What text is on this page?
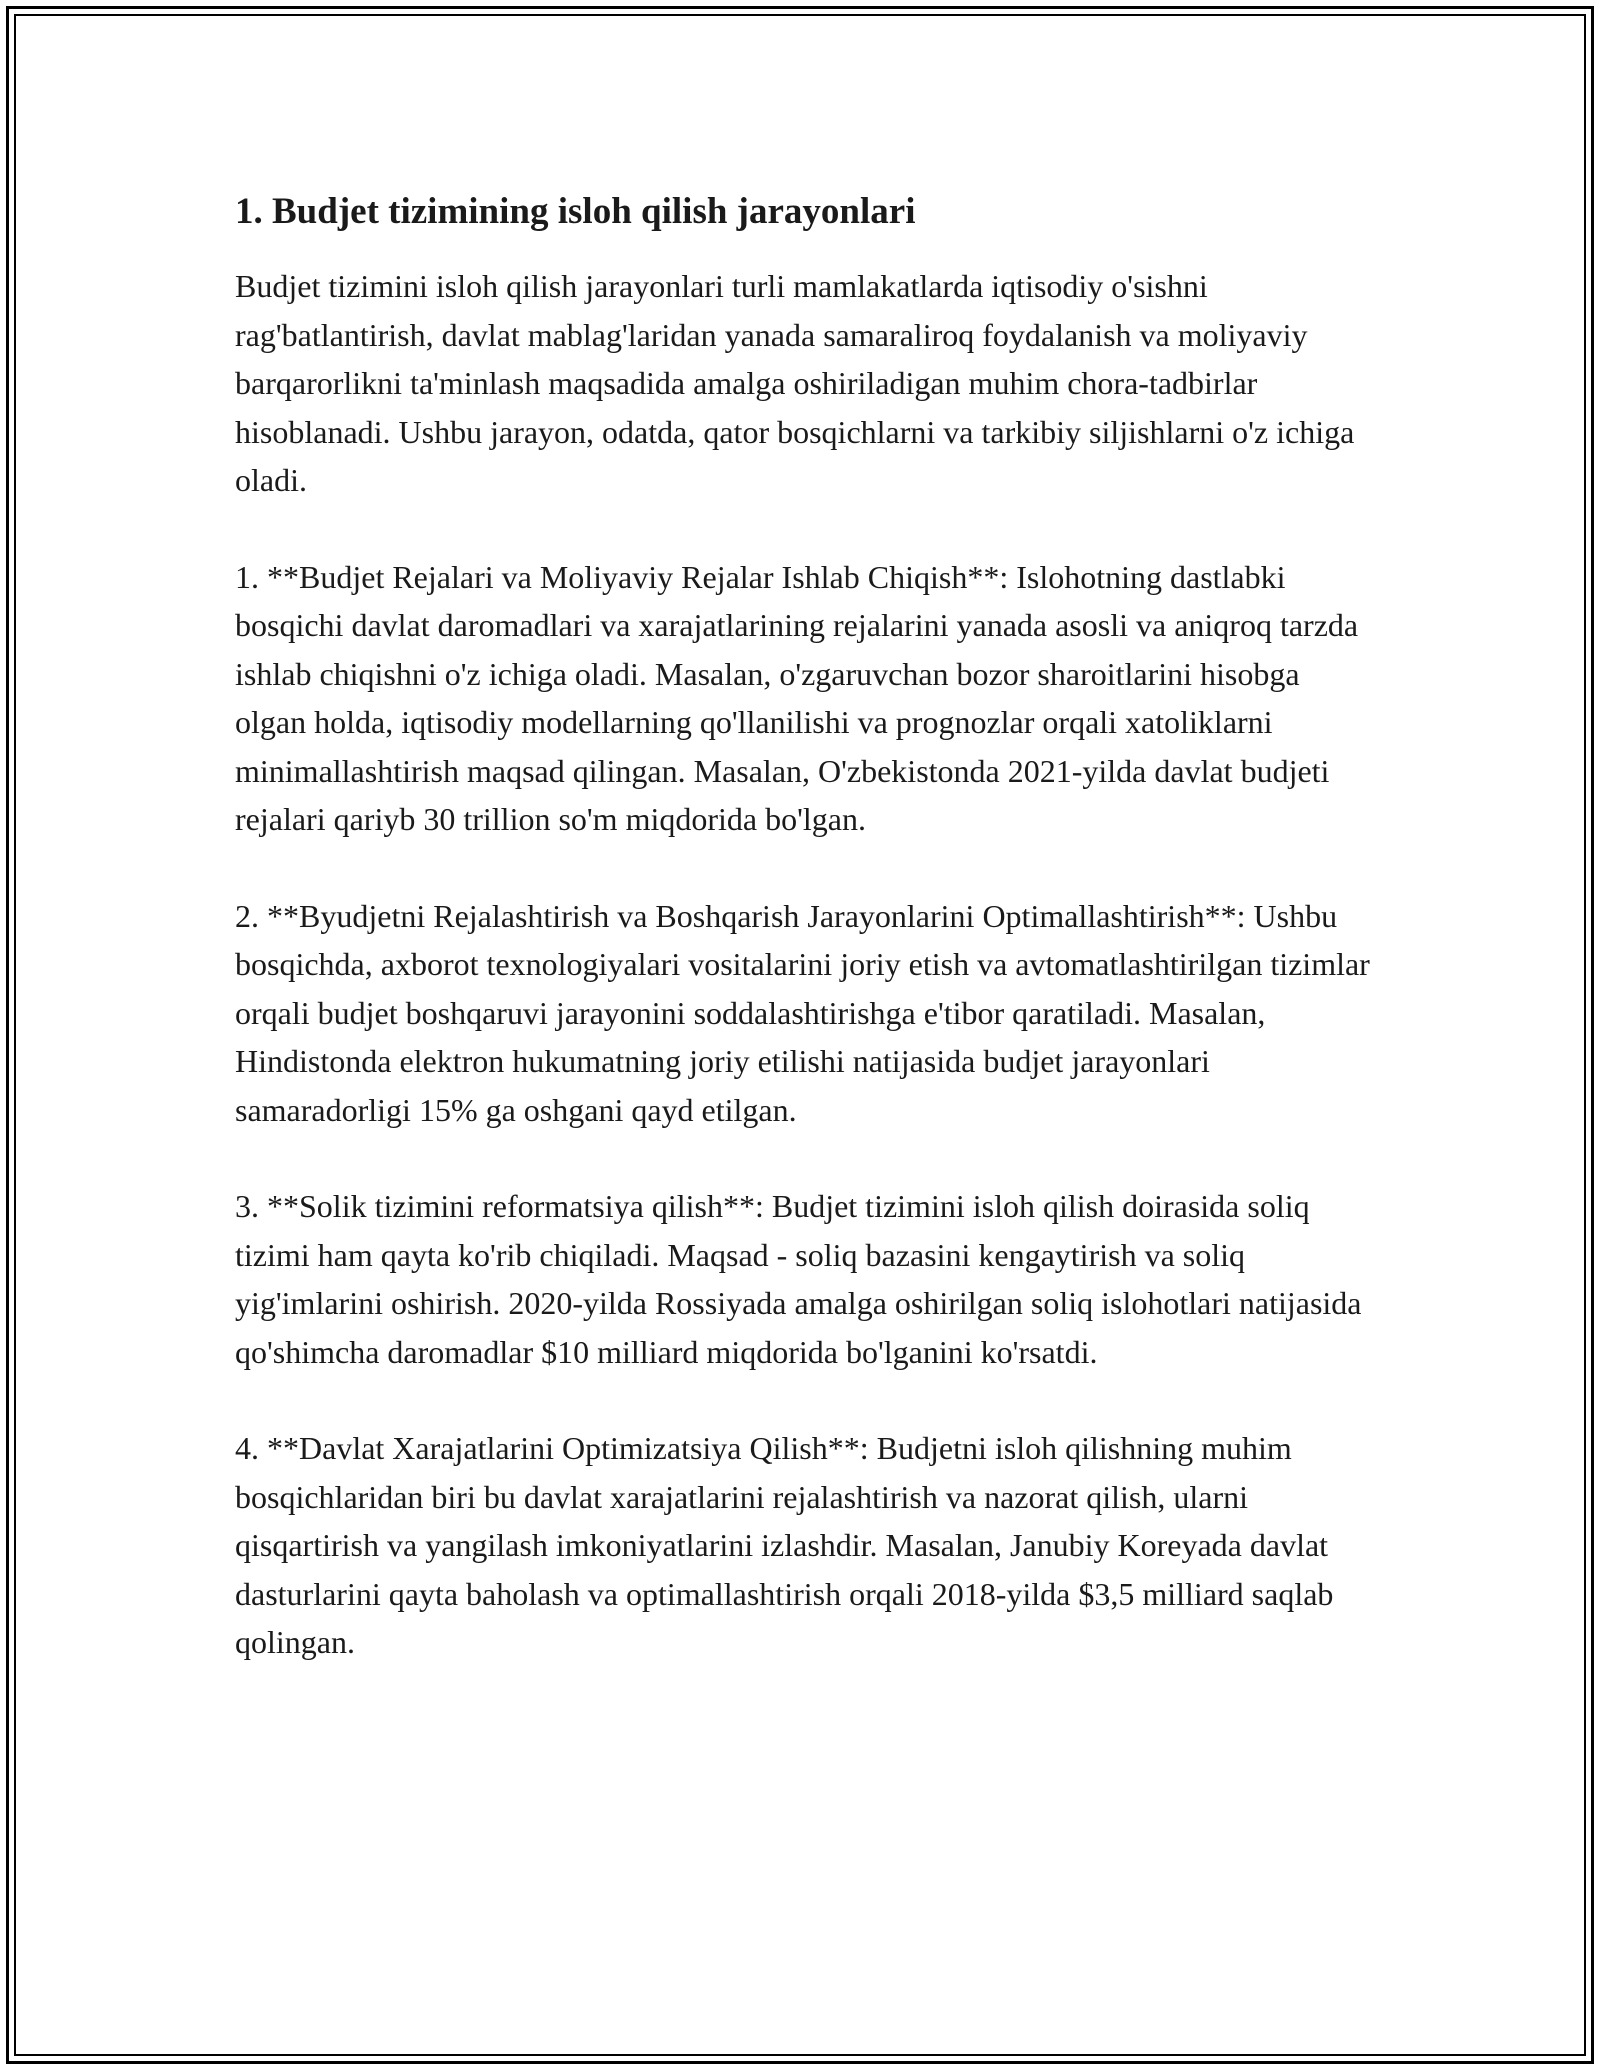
1. Budjet tizimining isloh qilish jarayonlari

Budjet tizimini isloh qilish jarayonlari turli mamlakatlarda iqtisodiy o'sishni rag'batlantirish, davlat mablag'laridan yanada samaraliroq foydalanish va moliyaviy barqarorlikni ta'minlash maqsadida amalga oshiriladigan muhim chora-tadbirlar hisoblanadi. Ushbu jarayon, odatda, qator bosqichlarni va tarkibiy siljishlarni o'z ichiga oladi.

1. **Budjet Rejalari va Moliyaviy Rejalar Ishlab Chiqish**: Islohotning dastlabki bosqichi davlat daromadlari va xarajatlarining rejalarini yanada asosli va aniqroq tarzda ishlab chiqishni o'z ichiga oladi. Masalan, o'zgaruvchan bozor sharoitlarini hisobga olgan holda, iqtisodiy modellarning qo'llanilishi va prognozlar orqali xatoliklarni minimallashtirish maqsad qilingan. Masalan, O'zbekistonda 2021-yilda davlat budjeti rejalari qariyb 30 trillion so'm miqdorida bo'lgan.

2. **Byudjetni Rejalashtirish va Boshqarish Jarayonlarini Optimallashtirish**: Ushbu bosqichda, axborot texnologiyalari vositalarini joriy etish va avtomatlashtirilgan tizimlar orqali budjet boshqaruvi jarayonini soddalashtirishga e'tibor qaratiladi. Masalan, Hindistonda elektron hukumatning joriy etilishi natijasida budjet jarayonlari samaradorligi 15% ga oshgani qayd etilgan.

3. **Solik tizimini reformatsiya qilish**: Budjet tizimini isloh qilish doirasida soliq tizimi ham qayta ko'rib chiqiladi. Maqsad - soliq bazasini kengaytirish va soliq yig'imlarini oshirish. 2020-yilda Rossiyada amalga oshirilgan soliq islohotlari natijasida qo'shimcha daromadlar $10 milliard miqdorida bo'lganini ko'rsatdi.

4. **Davlat Xarajatlarini Optimizatsiya Qilish**: Budjetni isloh qilishning muhim bosqichlaridan biri bu davlat xarajatlarini rejalashtirish va nazorat qilish, ularni qisqartirish va yangilash imkoniyatlarini izlashdir. Masalan, Janubiy Koreyada davlat dasturlarini qayta baholash va optimallashtirish orqali 2018-yilda $3,5 milliard saqlab qolingan.
